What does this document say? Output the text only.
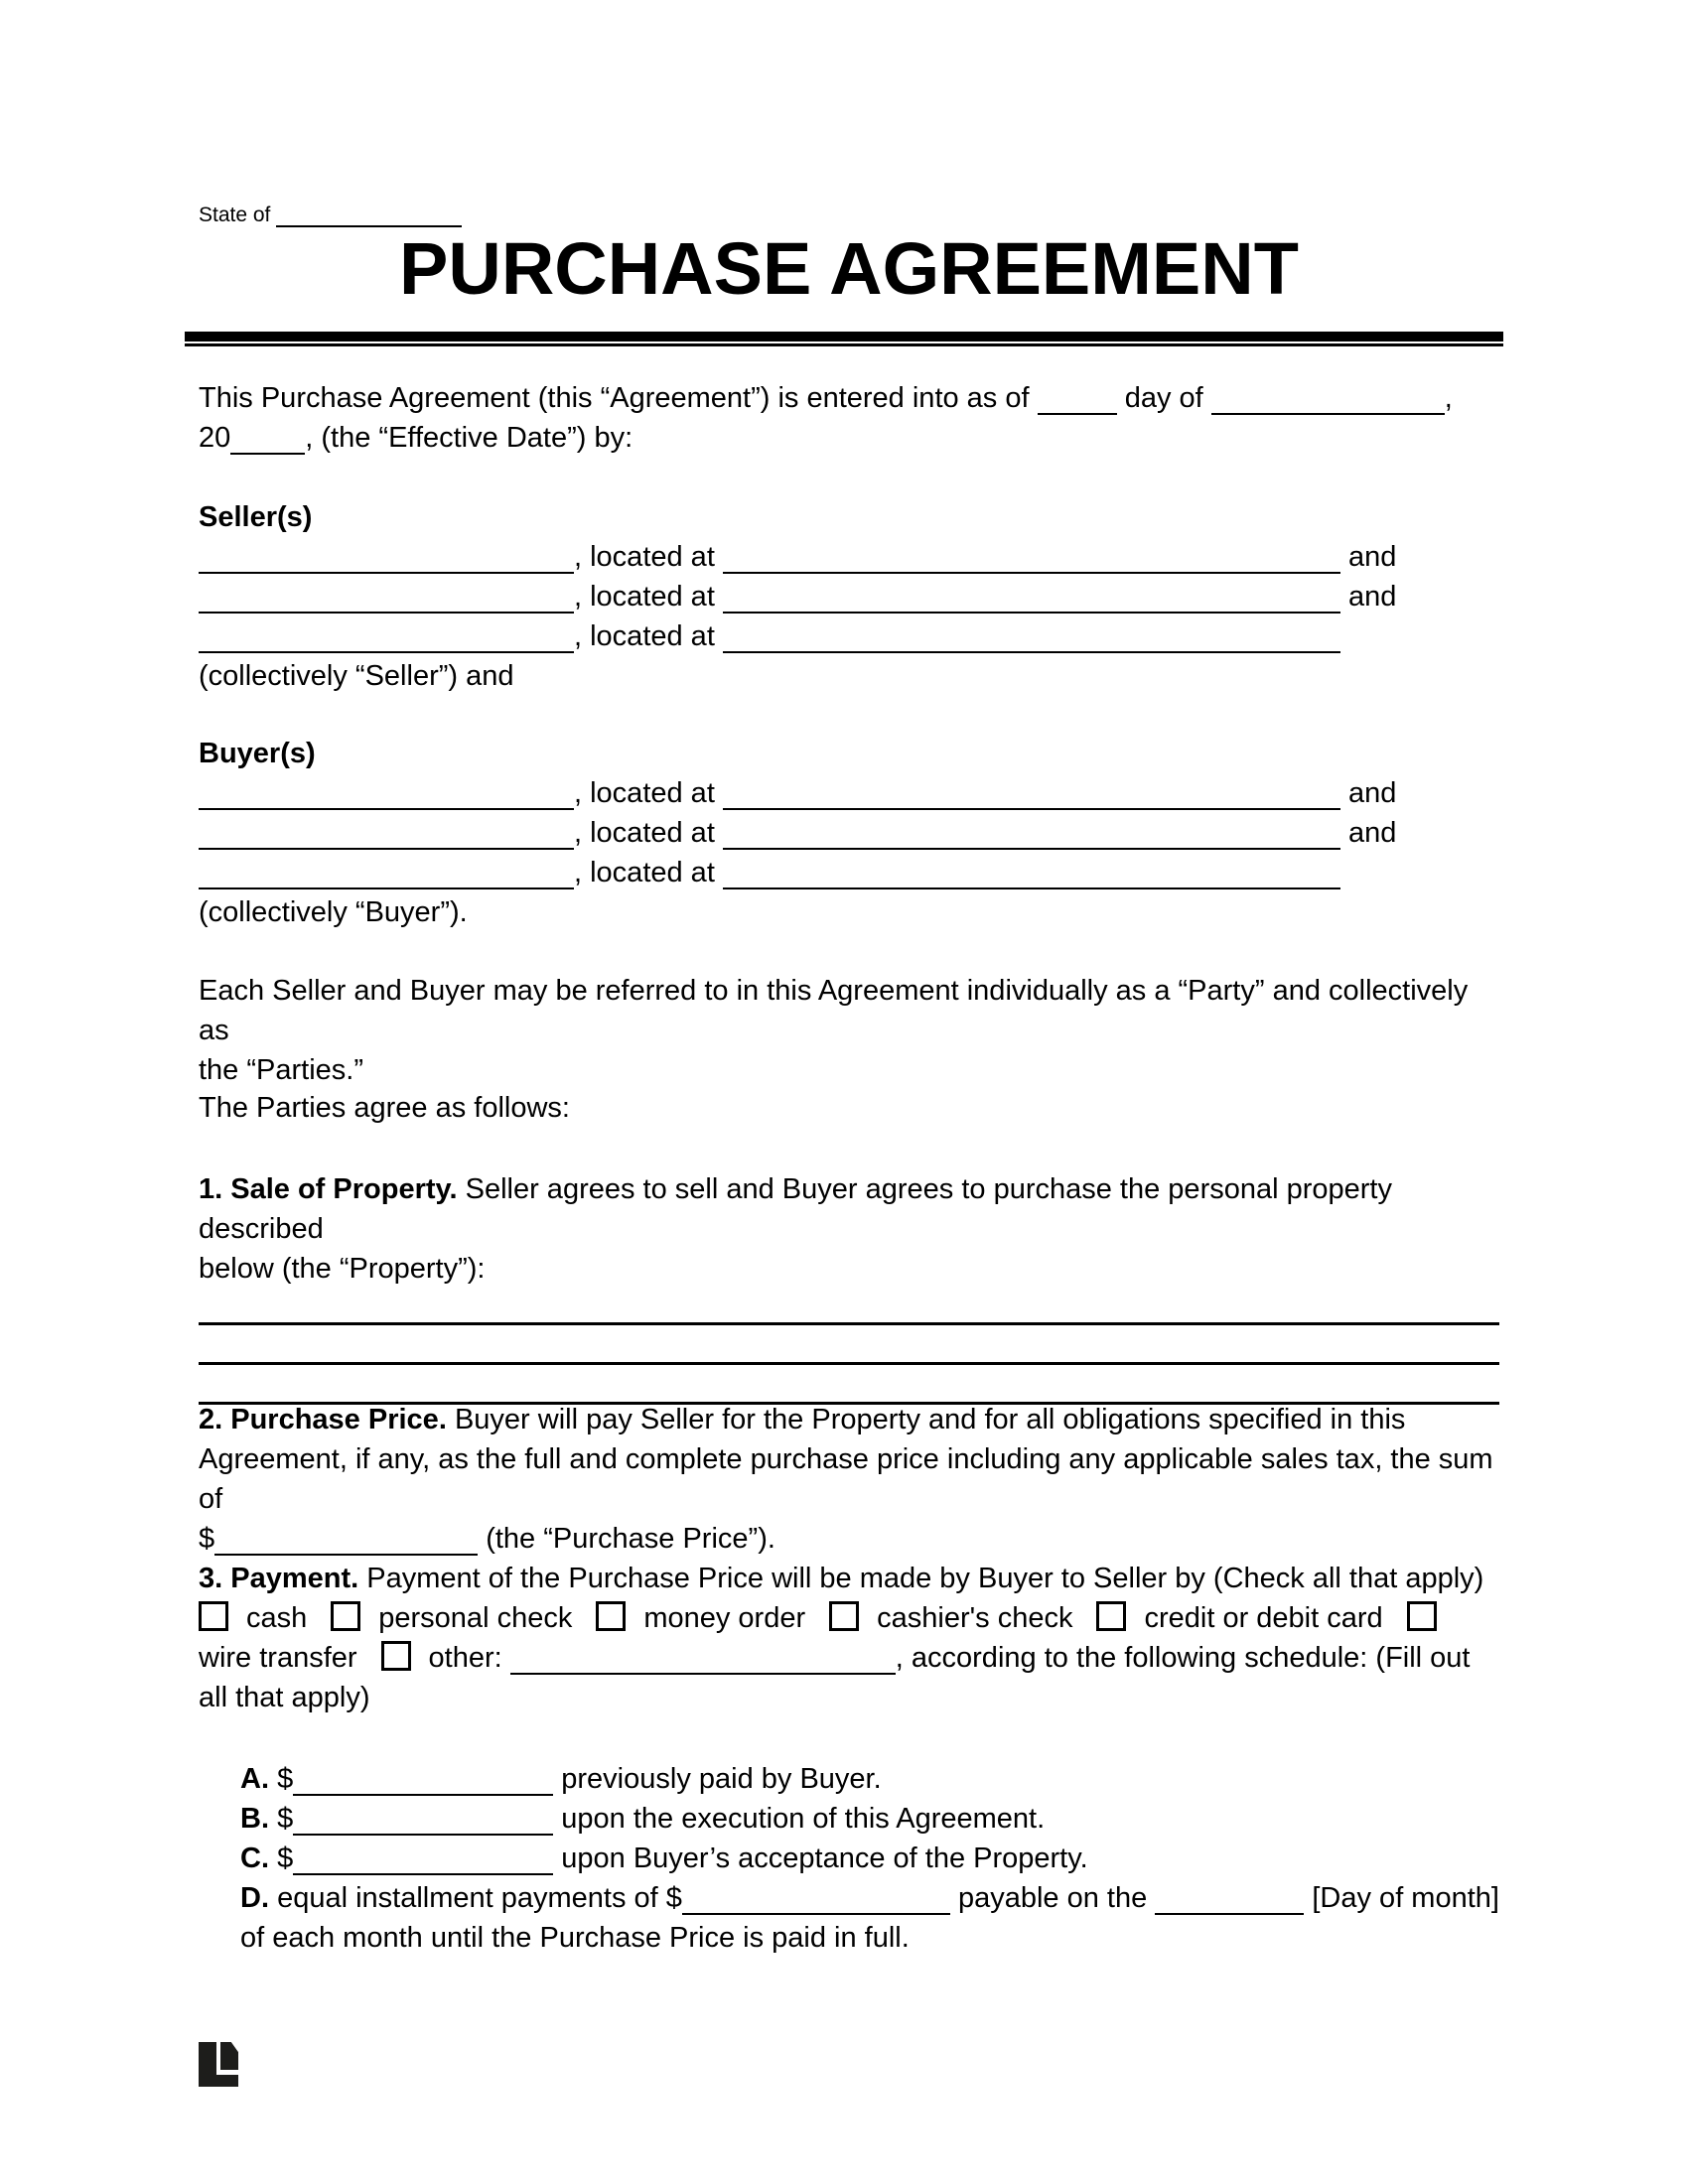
State of
PURCHASE AGREEMENT
This Purchase Agreement (this “Agreement”) is entered into as of	day of	,
20	, (the “Effective Date”) by:
Seller(s)
, located at	and
, located at	and
, located at
(collectively “Seller”) and
Buyer(s)
, located at	and
, located at	and
, located at
(collectively “Buyer”).
Each Seller and Buyer may be referred to in this Agreement individually as a “Party” and collectively as
the “Parties.”
The Parties agree as follows:
1. Sale of Property. Seller agrees to sell and Buyer agrees to purchase the personal property described
below (the “Property”):
2. Purchase Price. Buyer will pay Seller for the Property and for all obligations specified in this
Agreement, if any, as the full and complete purchase price including any applicable sales tax, the sum of
$	(the “Purchase Price”).
3. Payment. Payment of the Purchase Price will be made by Buyer to Seller by (Check all that apply) cash personal check money order cashier's check credit or debit cardwire transfer other:	, according to the following schedule: (Fill out all that apply)
A. $	previously paid by Buyer.
B. $	upon the execution of this Agreement.
C. $	upon Buyer’s acceptance of the Property.
D. equal installment payments of $	payable on the	[Day of month] of each month until the Purchase Price is paid in full.
